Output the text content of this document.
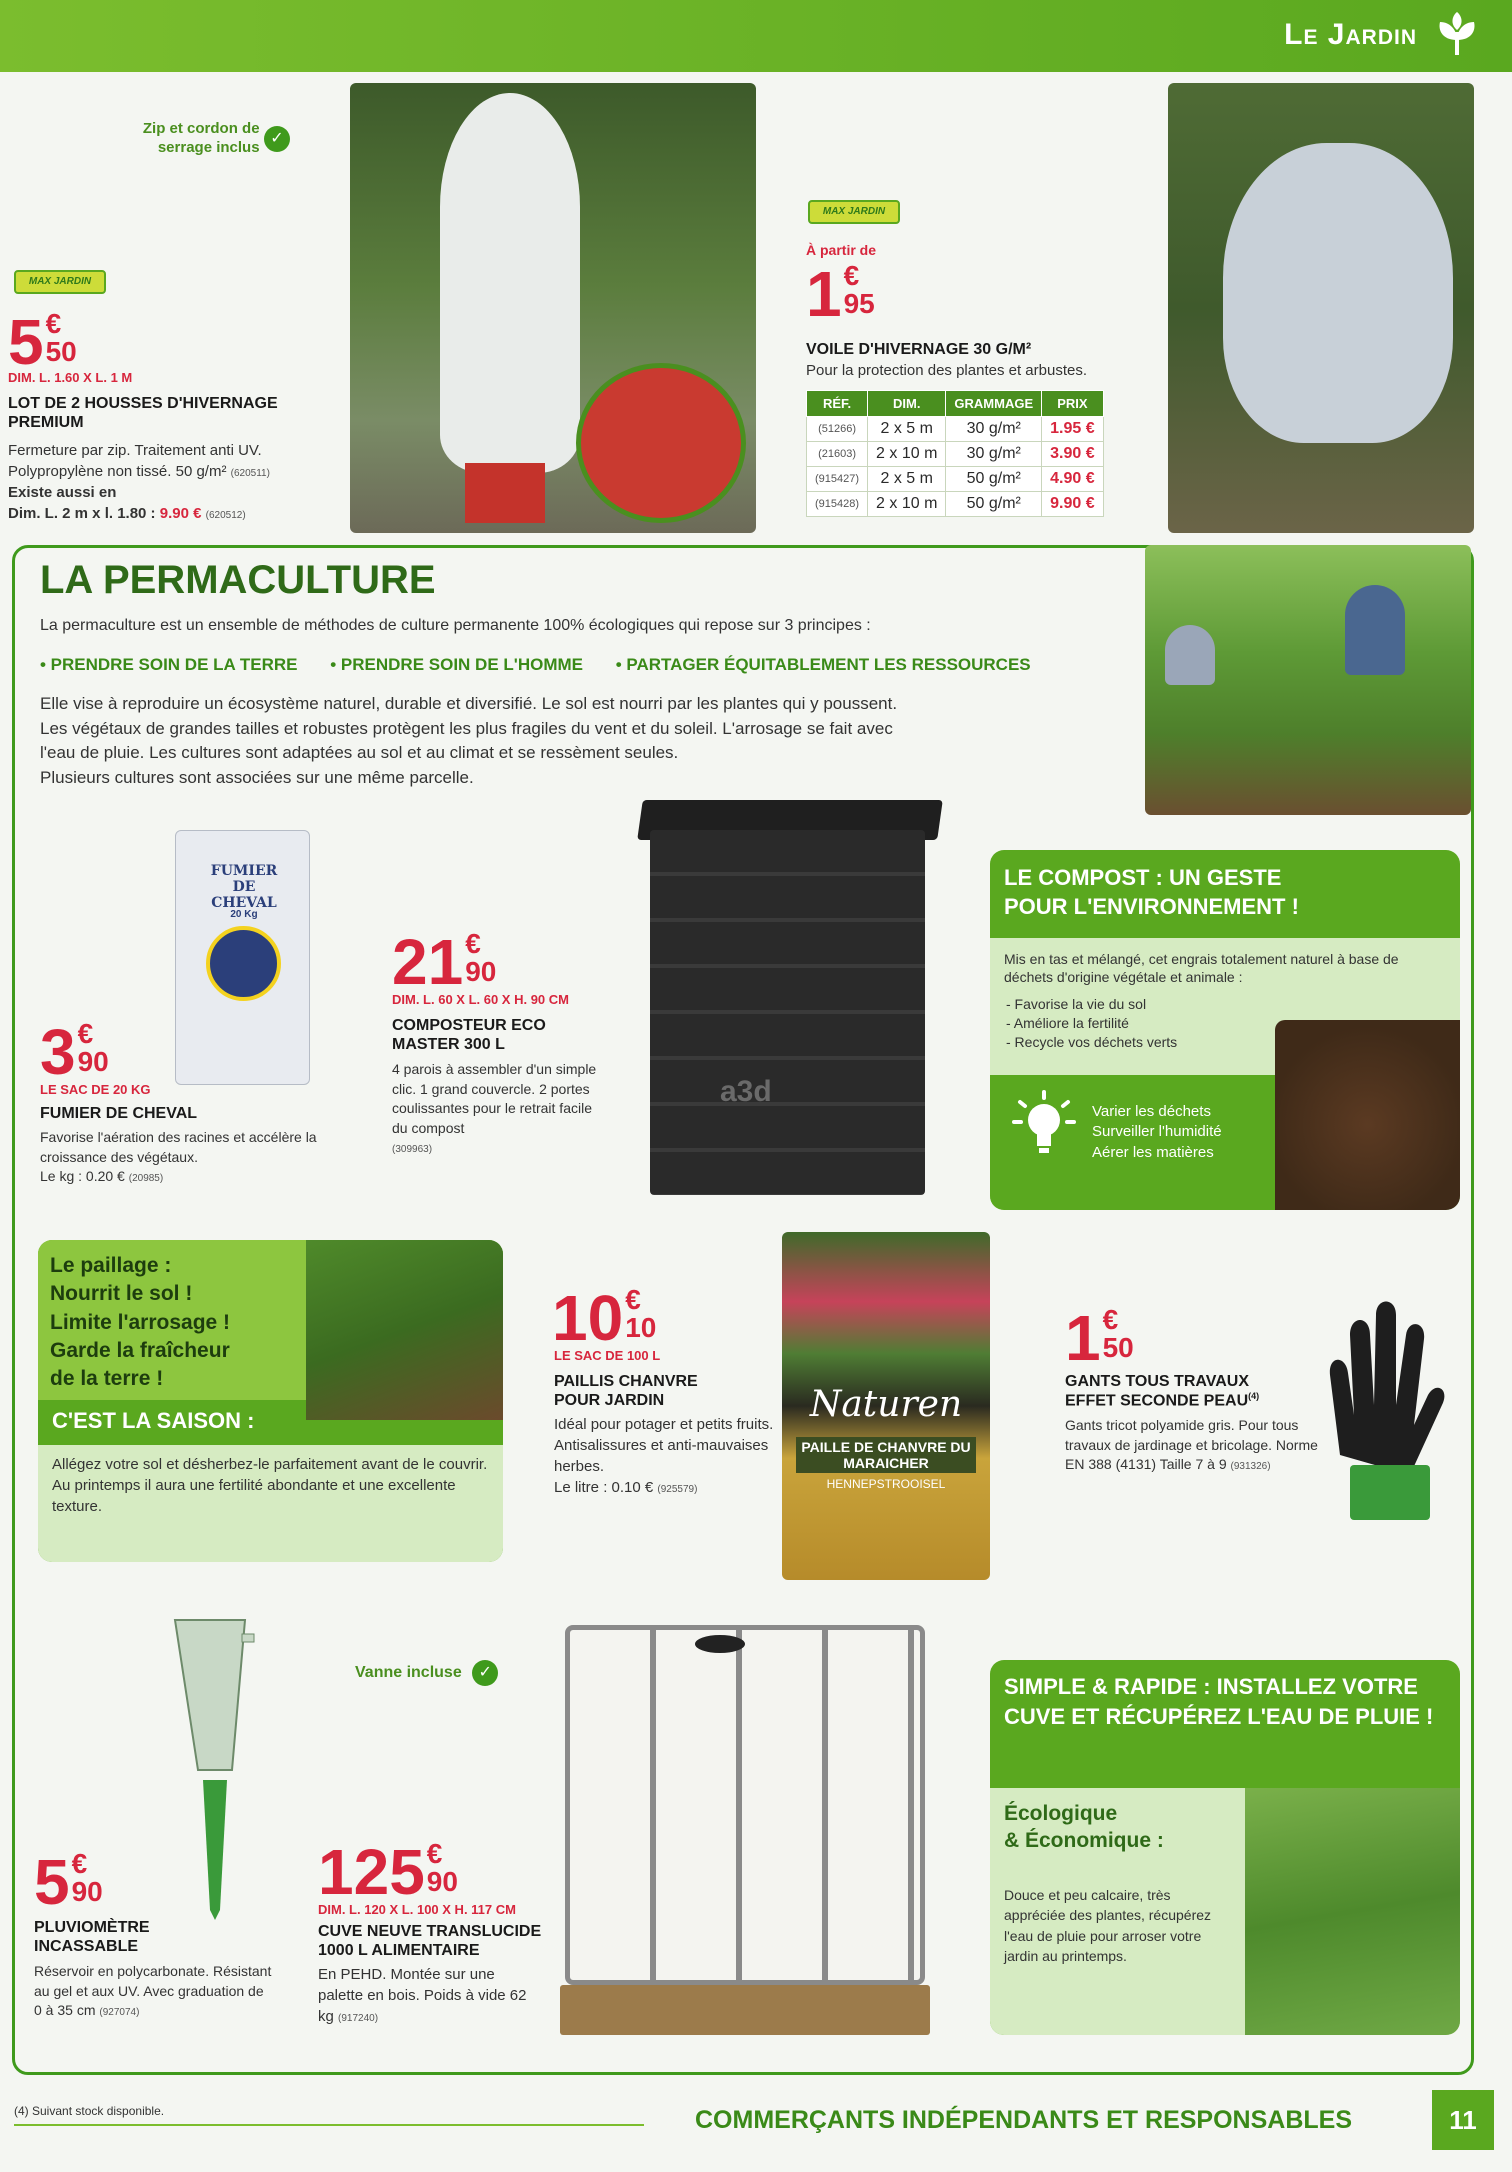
Le Jardin
Zip et cordon de serrage inclus ✓
MAX JARDIN
5 €
50
DIM. L. 1.60 X L. 1 M
LOT DE 2 HOUSSES D'HIVERNAGE PREMIUM
Fermeture par zip. Traitement anti UV. Polypropylène non tissé. 50 g/m² (620511)
Existe aussi en
Dim. L. 2 m x l. 1.80 : 9.90 € (620512)
MAX JARDIN
À partir de
1 €
95
VOILE D'HIVERNAGE 30 G/M²
Pour la protection des plantes et arbustes.
RÉF.	DIM.	GRAMMAGE	PRIX
(51266)	2 x 5 m	30 g/m²	1.95 €
(21603)	2 x 10 m	30 g/m²	3.90 €
(915427)	2 x 5 m	50 g/m²	4.90 €
(915428)	2 x 10 m	50 g/m²	9.90 €
LA PERMACULTURE
La permaculture est un ensemble de méthodes de culture permanente 100% écologiques qui repose sur 3 principes :
• PRENDRE SOIN DE LA TERRE • PRENDRE SOIN DE L'HOMME • PARTAGER ÉQUITABLEMENT LES RESSOURCES
Elle vise à reproduire un écosystème naturel, durable et diversifié. Le sol est nourri par les plantes qui y poussent.
Les végétaux de grandes tailles et robustes protègent les plus fragiles du vent et du soleil. L'arrosage se fait avec
l'eau de pluie. Les cultures sont adaptées au sol et au climat et se ressèment seules.
Plusieurs cultures sont associées sur une même parcelle.
FUMIER DE CHEVAL
20 Kg
3 €
90
LE SAC DE 20 KG
FUMIER DE CHEVAL
Favorise l'aération des racines et accélère la croissance des végétaux.
Le kg : 0.20 € (20985)
21 €
90
DIM. L. 60 X L. 60 X H. 90 CM
COMPOSTEUR ECO MASTER 300 L
4 parois à assembler d'un simple clic. 1 grand couvercle. 2 portes coulissantes pour le retrait facile du compost
(309963)
a3d
LE COMPOST : UN GESTE POUR L'ENVIRONNEMENT !
Mis en tas et mélangé, cet engrais totalement naturel à base de déchets d'origine végétale et animale :
- Favorise la vie du sol
- Améliore la fertilité
- Recycle vos déchets verts
Varier les déchets
Surveiller l'humidité
Aérer les matières
Le paillage :
Nourrit le sol !
Limite l'arrosage !
Garde la fraîcheur
de la terre !
C'EST LA SAISON :
Allégez votre sol et désherbez-le parfaitement avant de le couvrir. Au printemps il aura une fertilité abondante et une excellente texture.
10 €
10
LE SAC DE 100 L
PAILLIS CHANVRE POUR JARDIN
Idéal pour potager et petits fruits. Antisalissures et anti-mauvaises herbes.
Le litre : 0.10 € (925579)
Naturen
PAILLE DE CHANVRE DU MARAICHER
HENNEPSTROOISEL
1 €
50
GANTS TOUS TRAVAUX EFFET SECONDE PEAU$^{(4)}$
Gants tricot polyamide gris. Pour tous travaux de jardinage et bricolage. Norme EN 388 (4131) Taille 7 à 9 (931326)
5 €
90
PLUVIOMÈTRE INCASSABLE
Réservoir en polycarbonate. Résistant au gel et aux UV. Avec graduation de 0 à 35 cm (927074)
Vanne incluse ✓
125 €
90
DIM. L. 120 X L. 100 X H. 117 CM
CUVE NEUVE TRANSLUCIDE 1000 L ALIMENTAIRE
En PEHD. Montée sur une palette en bois. Poids à vide 62 kg (917240)
SIMPLE & RAPIDE : INSTALLEZ VOTRE CUVE ET RÉCUPÉREZ L'EAU DE PLUIE !
Écologique
& Économique :
Douce et peu calcaire, très appréciée des plantes, récupérez l'eau de pluie pour arroser votre jardin au printemps.
(4) Suivant stock disponible.	COMMERÇANTS INDÉPENDANTS ET RESPONSABLES	11
